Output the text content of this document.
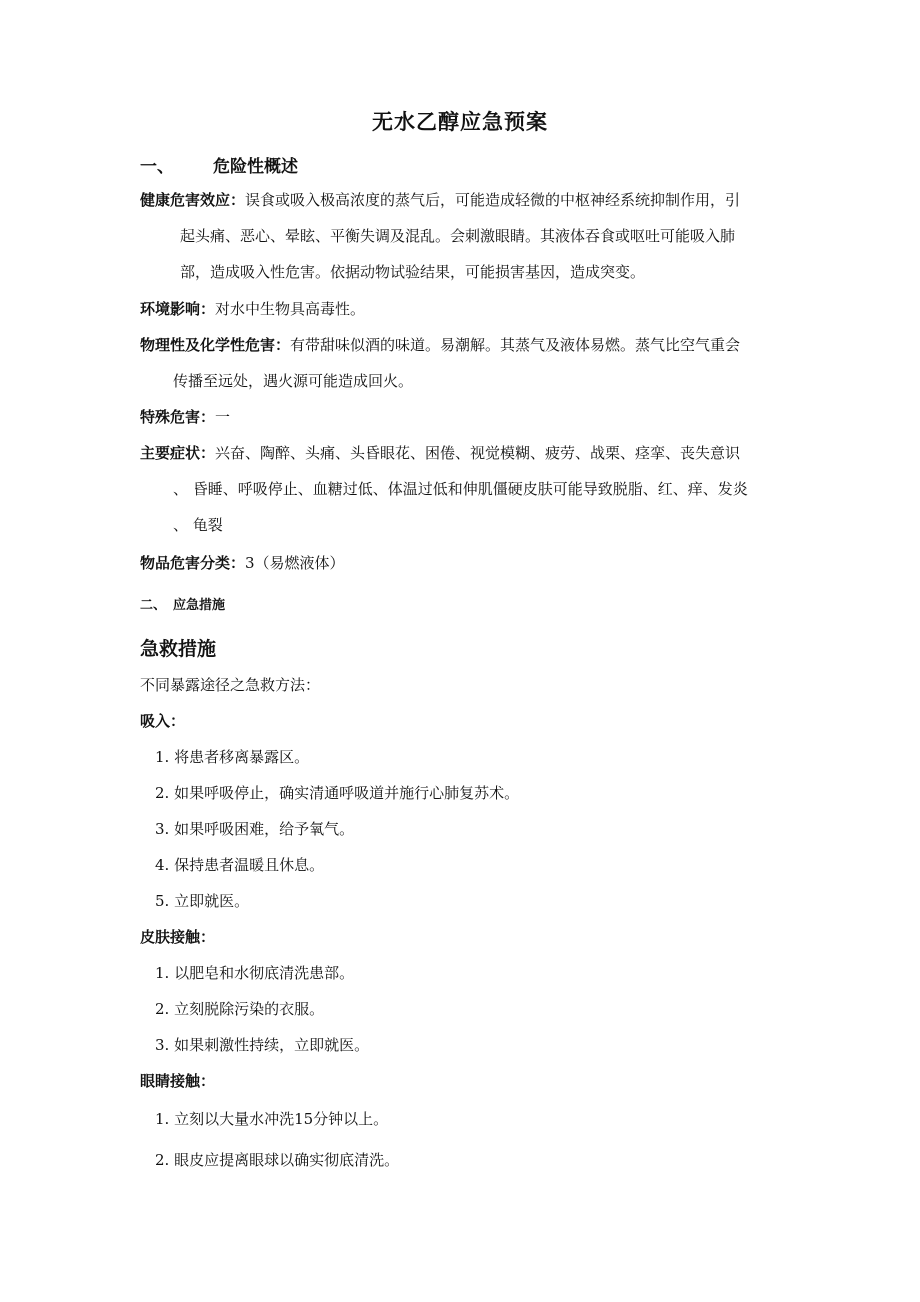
无水乙醇应急预案
一、 危险性概述
健康危害效应：误食或吸入极高浓度的蒸气后，可能造成轻微的中枢神经系统抑制作用，引
起头痛、恶心、晕眩、平衡失调及混乱。会刺激眼睛。其液体吞食或呕吐可能吸入肺
部，造成吸入性危害。依据动物试验结果，可能损害基因，造成突变。
环境影响：对水中生物具高毒性。
物理性及化学性危害：有带甜味似酒的味道。易潮解。其蒸气及液体易燃。蒸气比空气重会
传播至远处，遇火源可能造成回火。
特殊危害：一
主要症状：兴奋、陶醉、头痛、头昏眼花、困倦、视觉模糊、疲劳、战栗、痉挛、丧失意识
、 昏睡、呼吸停止、血糖过低、体温过低和伸肌僵硬皮肤可能导致脱脂、红、痒、发炎
、 龟裂
物品危害分类：3（易燃液体）
二、 应急措施
急救措施
不同暴露途径之急救方法：
吸入：
1. 将患者移离暴露区。
2. 如果呼吸停止，确实清通呼吸道并施行心肺复苏术。
3. 如果呼吸困难，给予氧气。
4. 保持患者温暖且休息。
5. 立即就医。
皮肤接触：
1. 以肥皂和水彻底清洗患部。
2. 立刻脱除污染的衣服。
3. 如果刺激性持续，立即就医。
眼睛接触：
1. 立刻以大量水冲洗15分钟以上。
2. 眼皮应提离眼球以确实彻底清洗。
